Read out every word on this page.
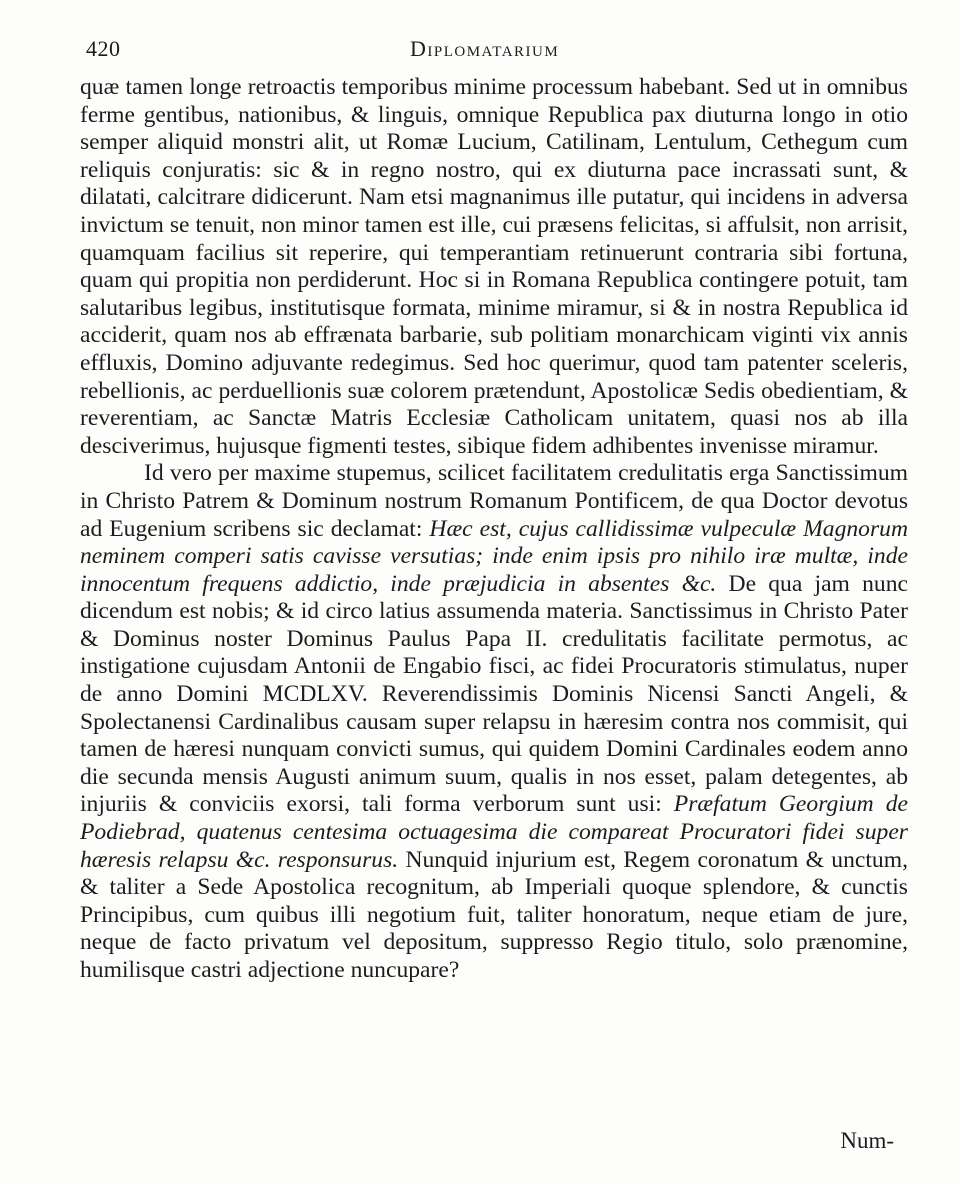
420	Diplomatarium

quæ tamen longe retroactis temporibus minime processum habebant. Sed ut in omnibus ferme gentibus, nationibus, & linguis, omnique Republica pax diuturna longo in otio semper aliquid monstri alit, ut Romæ Lucium, Catilinam, Lentulum, Cethegum cum reliquis conjuratis: sic & in regno nostro, qui ex diuturna pace incrassati sunt, & dilatati, calcitrare didicerunt. Nam etsi magnanimus ille putatur, qui incidens in adversa invictum se tenuit, non minor tamen est ille, cui præsens felicitas, si affulsit, non arrisit, quamquam facilius sit reperire, qui temperantiam retinuerunt contraria sibi fortuna, quam qui propitia non perdiderunt. Hoc si in Romana Republica contingere potuit, tam salutaribus legibus, institutisque formata, minime miramur, si & in nostra Republica id acciderit, quam nos ab effrænata barbarie, sub politiam monarchicam viginti vix annis effluxis, Domino adjuvante redegimus. Sed hoc querimur, quod tam patenter sceleris, rebellionis, ac perduellionis suæ colorem prætendunt, Apostolicæ Sedis obedientiam, & reverentiam, ac Sanctæ Matris Ecclesiæ Catholicam unitatem, quasi nos ab illa desciverimus, hujusque figmenti testes, sibique fidem adhibentes invenisse miramur.

Id vero per maxime stupemus, scilicet facilitatem credulitatis erga Sanctissimum in Christo Patrem & Dominum nostrum Romanum Pontificem, de qua Doctor devotus ad Eugenium scribens sic declamat: Hæc est, cujus callidissimæ vulpeculæ Magnorum neminem comperi satis cavisse versutias; inde enim ipsis pro nihilo iræ multæ, inde innocentum frequens addictio, inde præjudicia in absentes &c. De qua jam nunc dicendum est nobis; & id circo latius assumenda materia. Sanctissimus in Christo Pater & Dominus noster Dominus Paulus Papa II. credulitatis facilitate permotus, ac instigatione cujusdam Antonii de Engabio fisci, ac fidei Procuratoris stimulatus, nuper de anno Domini MCDLXV. Reverendissimis Dominis Nicensi Sancti Angeli, & Spolectanensi Cardinalibus causam super relapsu in hæresim contra nos commisit, qui tamen de hæresi nunquam convicti sumus, qui quidem Domini Cardinales eodem anno die secunda mensis Augusti animum suum, qualis in nos esset, palam detegentes, ab injuriis & conviciis exorsi, tali forma verborum sunt usi: Præfatum Georgium de Podiebrad, quatenus centesima octuagesima die compareat Procuratori fidei super hæresis relapsu &c. responsurus. Nunquid injurium est, Regem coronatum & unctum, & taliter a Sede Apostolica recognitum, ab Imperiali quoque splendore, & cunctis Principibus, cum quibus illi negotium fuit, taliter honoratum, neque etiam de jure, neque de facto privatum vel depositum, suppresso Regio titulo, solo prænomine, humilisque castri adjectione nuncupare?

Num-
